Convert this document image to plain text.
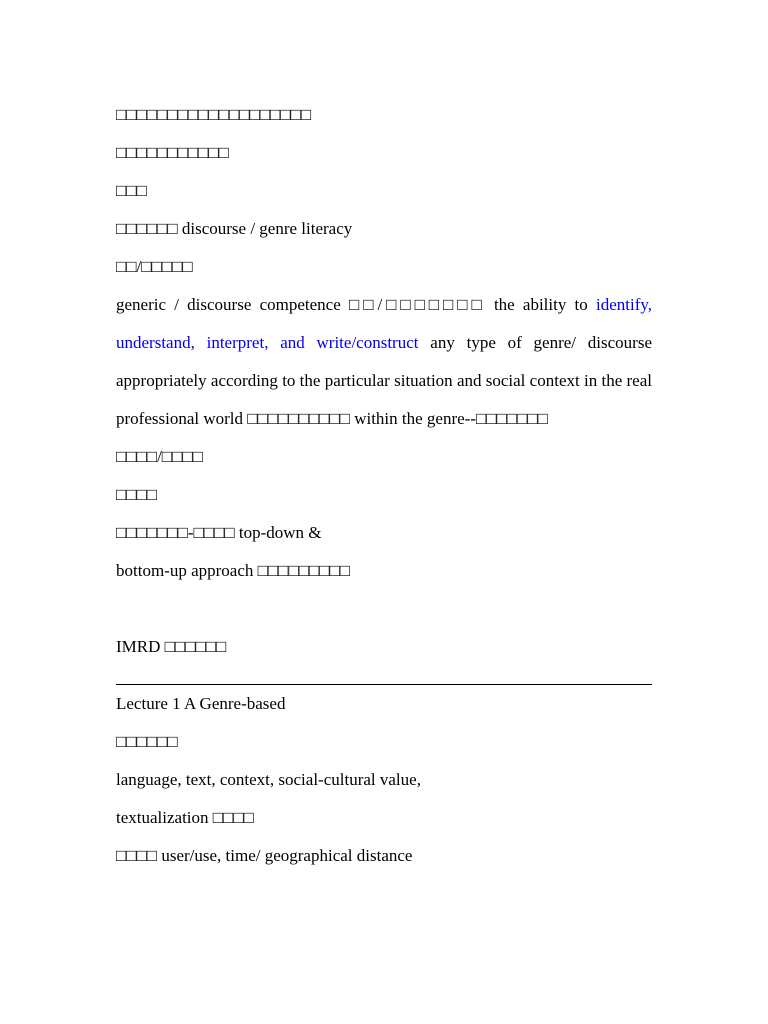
□□□□□□□□□□□□□□□□□□□
□□□□□□□□□□□
□□□
□□□□□□ discourse / genre literacy
□□/□□□□□
generic / discourse competence □□/□□□□□□□ the ability to identify, understand, interpret, and write/construct any type of genre/ discourse appropriately according to the particular situation and social context in the real professional world □□□□□□□□□□ within the genre--□□□□□□□
□□□□/□□□□
□□□□
□□□□□□□-□□□□ top-down &
bottom-up approach □□□□□□□□□
IMRD □□□□□□
Lecture 1 A Genre-based
□□□□□□
language, text, context, social-cultural value,
textualization □□□□
□□□□ user/use, time/ geographical distance
